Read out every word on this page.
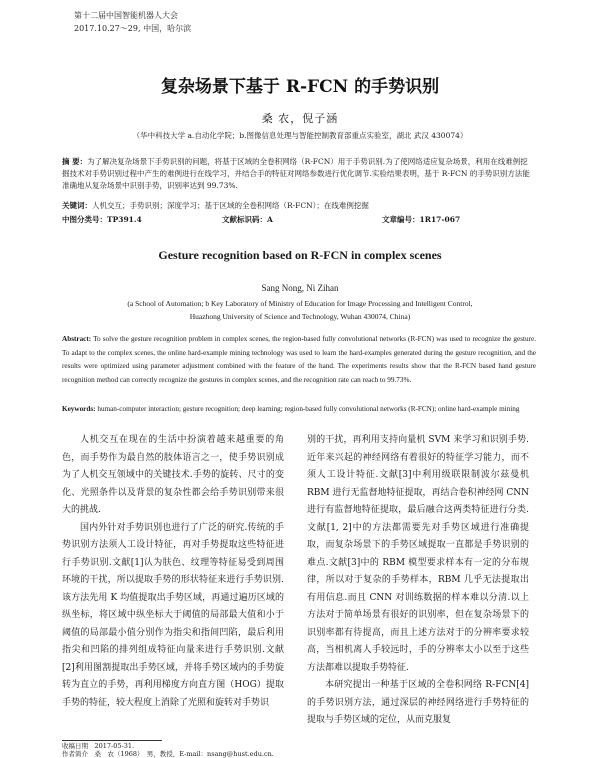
第十二届中国智能机器人大会
2017.10.27～29, 中国，哈尔滨
复杂场景下基于 R-FCN 的手势识别
桑 农，倪子涵
（华中科技大学 a.自动化学院；b.图像信息处理与智能控制教育部重点实验室，湖北 武汉 430074）
摘 要：为了解决复杂场景下手势识别的问题，将基于区域的全卷积网络（R-FCN）用于手势识别.为了使网络适应复杂场景，利用在线难例挖掘技术对手势识别过程中产生的难例进行在线学习，并结合手的特征对网络参数进行优化调节.实验结果表明，基于 R-FCN 的手势识别方法能准确地从复杂场景中识别手势，识别率达到 99.73%.
关键词：人机交互；手势识别；深度学习；基于区域的全卷积网络（R-FCN）；在线难例挖掘
中图分类号：TP391.4	文献标识码：A	文章编号：1R17-067
Gesture recognition based on R-FCN in complex scenes
Sang Nong, Ni Zihan
(a School of Automation; b Key Laboratory of Ministry of Education for Image Processing and Intelligent Control,
Huazhong University of Science and Technology, Wuhan 430074, China)
Abstract: To solve the gesture recognition problem in complex scenes, the region-based fully convolutional networks (R-FCN) was used to recognize the gesture. To adapt to the complex scenes, the online hard-example mining technology was used to learn the hard-examples generated during the gesture recognition, and the results were optimized using parameter adjustment combined with the feature of the hand. The experiments results show that the R-FCN based hand gesture recognition method can correctly recognize the gestures in complex scenes, and the recognition rate can reach to 99.73%.
Keywords: human-computer interaction; gesture recognition; deep learning; region-based fully convolutional networks (R-FCN); online hard-example mining

人机交互在现在的生活中扮演着越来越重要的角色，而手势作为最自然的肢体语言之一，使手势识别成为了人机交互领域中的关键技术.手势的旋转、尺寸的变化、光照条件以及背景的复杂性都会给手势识别带来很大的挑战.

国内外针对手势识别也进行了广泛的研究.传统的手势识别方法须人工设计特征，再对手势提取这些特征进行手势识别.文献[1]认为肤色、纹理等特征易受到周围环境的干扰，所以提取手势的形状特征来进行手势识别.该方法先用 K 均值提取出手势区域，再通过遍历区域的纵坐标，将区域中纵坐标大于阈值的局部最大值和小于阈值的局部最小值分别作为指尖和指间凹陷，最后利用指尖和凹陷的排列组成特征向量来进行手势识别.文献[2]利用图割提取出手势区域，并将手势区域内的手势旋转为直立的手势，再利用梯度方向直方图（HOG）提取手势的特征，较大程度上消除了光照和旋转对手势识

别的干扰，再利用支持向量机 SVM 来学习和识别手势.近年来兴起的神经网络有着很好的特征学习能力，而不须人工设计特征.文献[3]中利用级联限制波尔兹曼机 RBM 进行无监督地特征提取，再结合卷积神经网 CNN 进行有监督地特征提取，最后融合这两类特征进行分类.文献[1, 2]中的方法都需要先对手势区域进行准确提取，而复杂场景下的手势区域提取一直都是手势识别的难点.文献[3]中的 RBM 模型要求样本有一定的分布规律，所以对于复杂的手势样本，RBM 几乎无法提取出有用信息.而且 CNN 对训练数据的样本难以分清.以上方法对于简单场景有很好的识别率，但在复杂场景下的识别率都有待提高，而且上述方法对于的分辨率要求较高，当相机离人手较远时，手的分辨率太小以至于这些方法都难以提取手势特征.

本研究提出一种基于区域的全卷积网络 R-FCN[4] 的手势识别方法，通过深层的神经网络进行手势特征的提取与手势区域的定位，从而克服复

收稿日期　2017-05-31.
作者简介　桑　农（1968）　男，教授，E-mail：nsang@hust.edu.cn.
